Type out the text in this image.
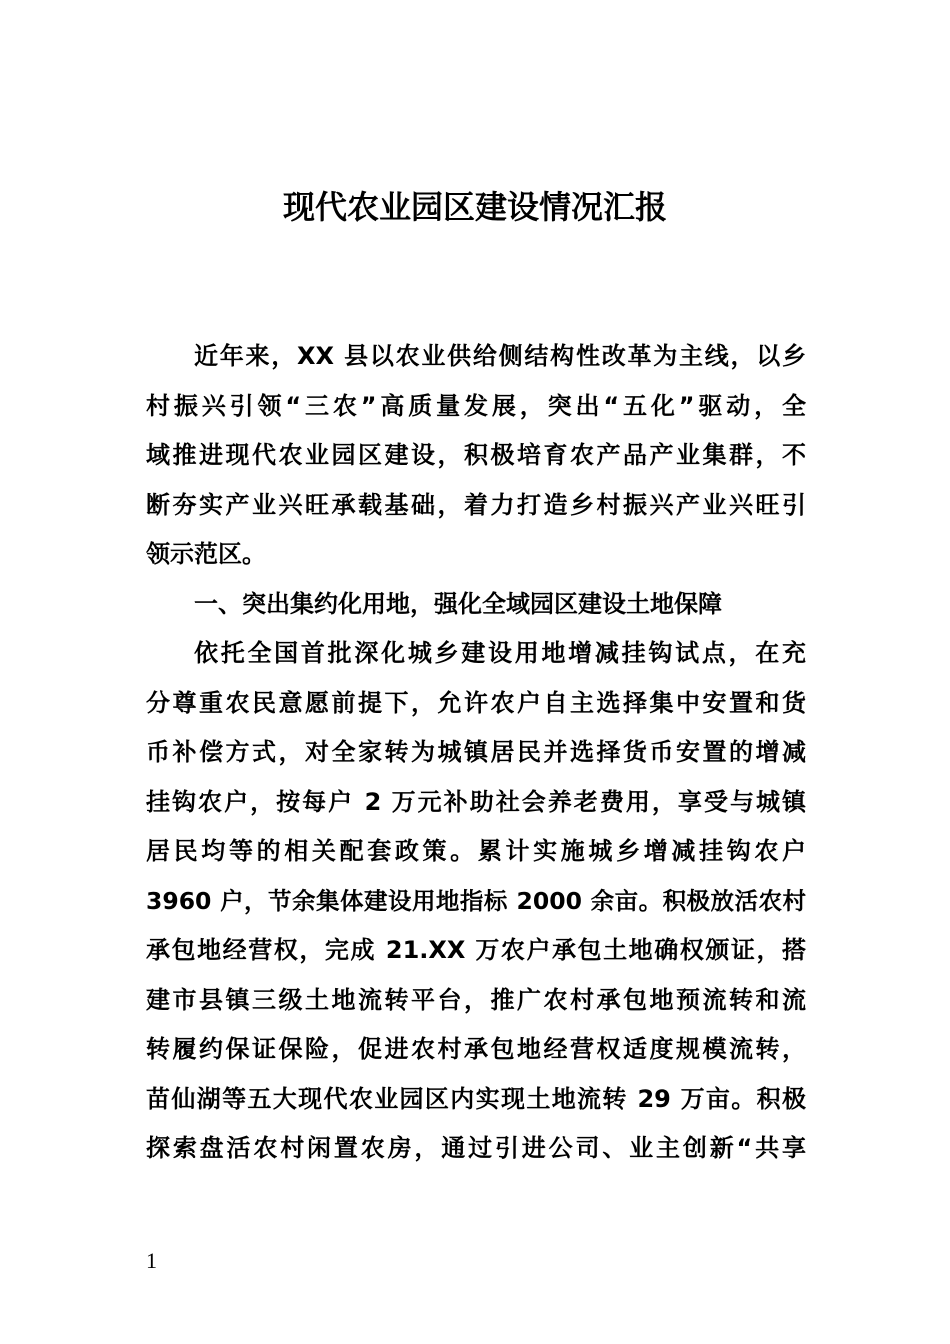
现代农业园区建设情况汇报
近年来，XX 县以农业供给侧结构性改革为主线，以乡
村振兴引领“三农”高质量发展，突出“五化”驱动，全
域推进现代农业园区建设，积极培育农产品产业集群，不
断夯实产业兴旺承载基础，着力打造乡村振兴产业兴旺引
领示范区。
一、突出集约化用地，强化全域园区建设土地保障
依托全国首批深化城乡建设用地增减挂钩试点，在充
分尊重农民意愿前提下，允许农户自主选择集中安置和货
币补偿方式，对全家转为城镇居民并选择货币安置的增减
挂钩农户，按每户 2 万元补助社会养老费用，享受与城镇
居民均等的相关配套政策。累计实施城乡增减挂钩农户
3960 户，节余集体建设用地指标 2000 余亩。积极放活农村
承包地经营权，完成 21.XX 万农户承包土地确权颁证，搭
建市县镇三级土地流转平台，推广农村承包地预流转和流
转履约保证保险，促进农村承包地经营权适度规模流转，
苗仙湖等五大现代农业园区内实现土地流转 29 万亩。积极
探索盘活农村闲置农房，通过引进公司、业主创新“共享
1
